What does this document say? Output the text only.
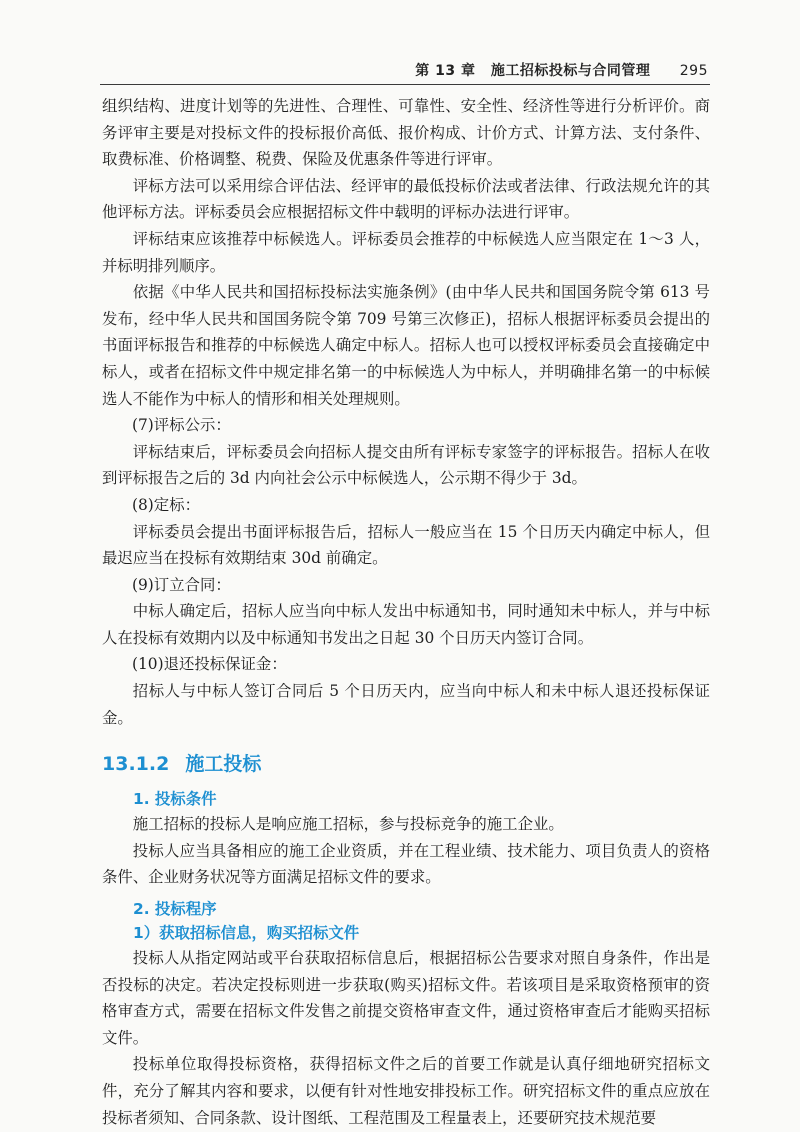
第 13 章 施工招标投标与合同管理 295

组织结构、进度计划等的先进性、合理性、可靠性、安全性、经济性等进行分析评价。商务评审主要是对投标文件的投标报价高低、报价构成、计价方式、计算方法、支付条件、取费标准、价格调整、税费、保险及优惠条件等进行评审。

评标方法可以采用综合评估法、经评审的最低投标价法或者法律、行政法规允许的其他评标方法。评标委员会应根据招标文件中载明的评标办法进行评审。

评标结束应该推荐中标候选人。评标委员会推荐的中标候选人应当限定在 1～3 人，并标明排列顺序。

依据《中华人民共和国招标投标法实施条例》(由中华人民共和国国务院令第 613 号发布，经中华人民共和国国务院令第 709 号第三次修正)，招标人根据评标委员会提出的书面评标报告和推荐的中标候选人确定中标人。招标人也可以授权评标委员会直接确定中标人，或者在招标文件中规定排名第一的中标候选人为中标人，并明确排名第一的中标候选人不能作为中标人的情形和相关处理规则。

(7)评标公示：

评标结束后，评标委员会向招标人提交由所有评标专家签字的评标报告。招标人在收到评标报告之后的 3d 内向社会公示中标候选人，公示期不得少于 3d。

(8)定标：

评标委员会提出书面评标报告后，招标人一般应当在 15 个日历天内确定中标人，但最迟应当在投标有效期结束 30d 前确定。

(9)订立合同：

中标人确定后，招标人应当向中标人发出中标通知书，同时通知未中标人，并与中标人在投标有效期内以及中标通知书发出之日起 30 个日历天内签订合同。

(10)退还投标保证金：

招标人与中标人签订合同后 5 个日历天内，应当向中标人和未中标人退还投标保证金。

13.1.2 施工投标
1. 投标条件

施工招标的投标人是响应施工招标，参与投标竞争的施工企业。

投标人应当具备相应的施工企业资质，并在工程业绩、技术能力、项目负责人的资格条件、企业财务状况等方面满足招标文件的要求。

2. 投标程序
1）获取招标信息，购买招标文件

投标人从指定网站或平台获取招标信息后，根据招标公告要求对照自身条件，作出是否投标的决定。若决定投标则进一步获取(购买)招标文件。若该项目是采取资格预审的资格审查方式，需要在招标文件发售之前提交资格审查文件，通过资格审查后才能购买招标文件。

投标单位取得投标资格，获得招标文件之后的首要工作就是认真仔细地研究招标文件，充分了解其内容和要求，以便有针对性地安排投标工作。研究招标文件的重点应放在投标者须知、合同条款、设计图纸、工程范围及工程量表上，还要研究技术规范要
